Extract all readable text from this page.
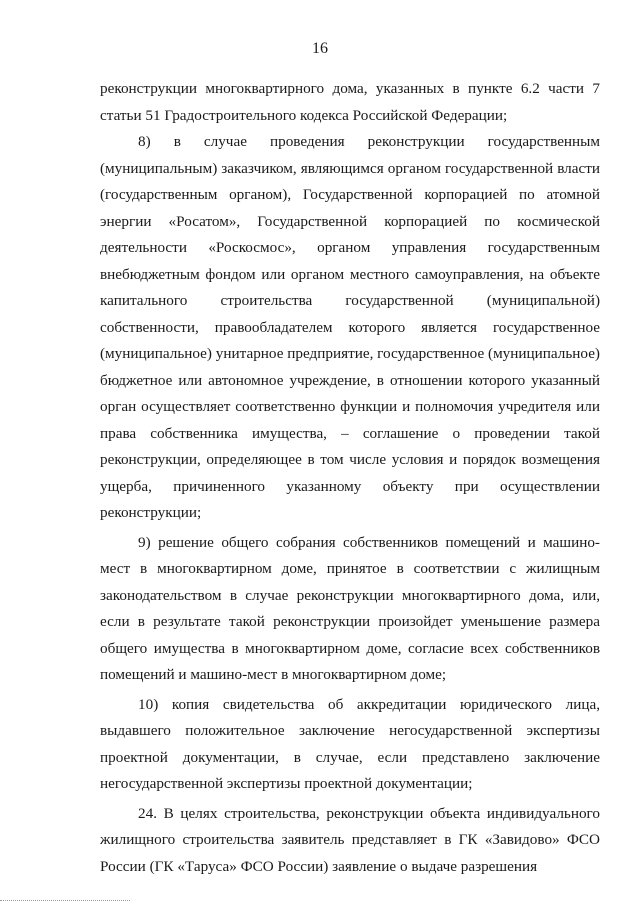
16

реконструкции многоквартирного дома, указанных в пункте 6.2 части 7 статьи 51 Градостроительного кодекса Российской Федерации;

8) в случае проведения реконструкции государственным (муниципальным) заказчиком, являющимся органом государственной власти (государственным органом), Государственной корпорацией по атомной энергии «Росатом», Государственной корпорацией по космической деятельности «Роскосмос», органом управления государственным внебюджетным фондом или органом местного самоуправления, на объекте капитального строительства государственной (муниципальной) собственности, правообладателем которого является государственное (муниципальное) унитарное предприятие, государственное (муниципальное) бюджетное или автономное учреждение, в отношении которого указанный орган осуществляет соответственно функции и полномочия учредителя или права собственника имущества, – соглашение о проведении такой реконструкции, определяющее в том числе условия и порядок возмещения ущерба, причиненного указанному объекту при осуществлении реконструкции;

9) решение общего собрания собственников помещений и машино-мест в многоквартирном доме, принятое в соответствии с жилищным законодательством в случае реконструкции многоквартирного дома, или, если в результате такой реконструкции произойдет уменьшение размера общего имущества в многоквартирном доме, согласие всех собственников помещений и машино-мест в многоквартирном доме;

10) копия свидетельства об аккредитации юридического лица, выдавшего положительное заключение негосударственной экспертизы проектной документации, в случае, если представлено заключение негосударственной экспертизы проектной документации;

24. В целях строительства, реконструкции объекта индивидуального жилищного строительства заявитель представляет в ГК «Завидово» ФСО России (ГК «Таруса» ФСО России) заявление о выдаче разрешения
